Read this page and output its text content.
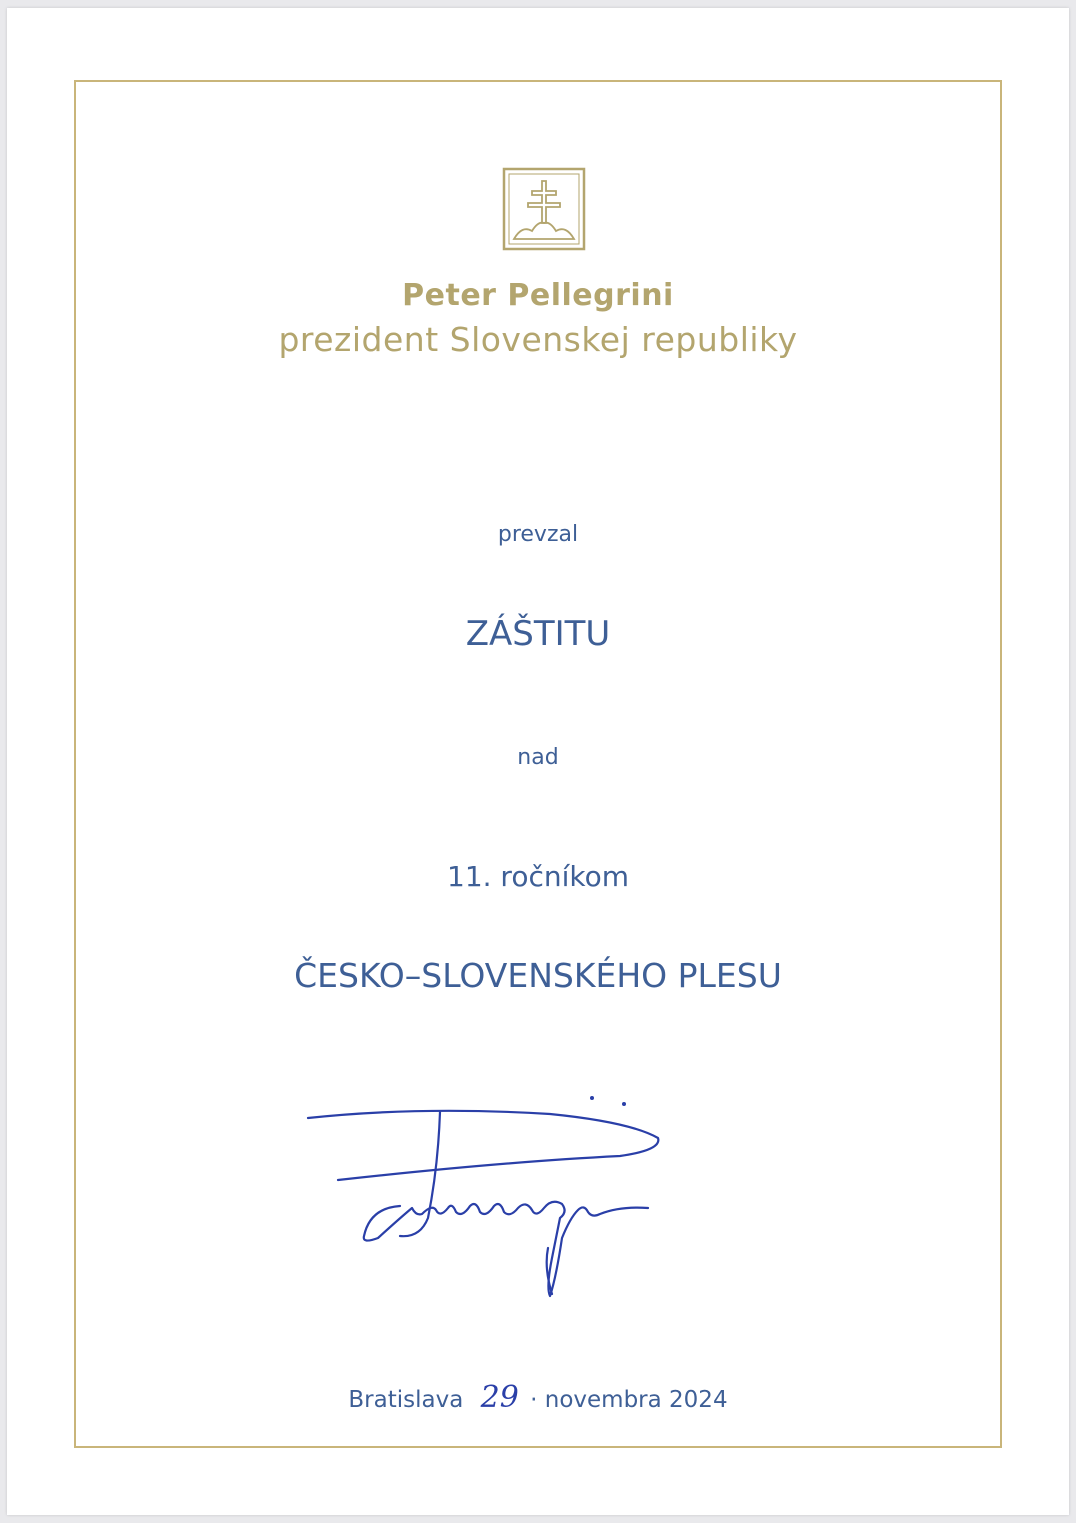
Peter Pellegrini
prezident Slovenskej republiky
prevzal
ZÁŠTITU
nad
11. ročníkom
ČESKO–SLOVENSKÉHO PLESU
Bratislava 29 · novembra 2024
